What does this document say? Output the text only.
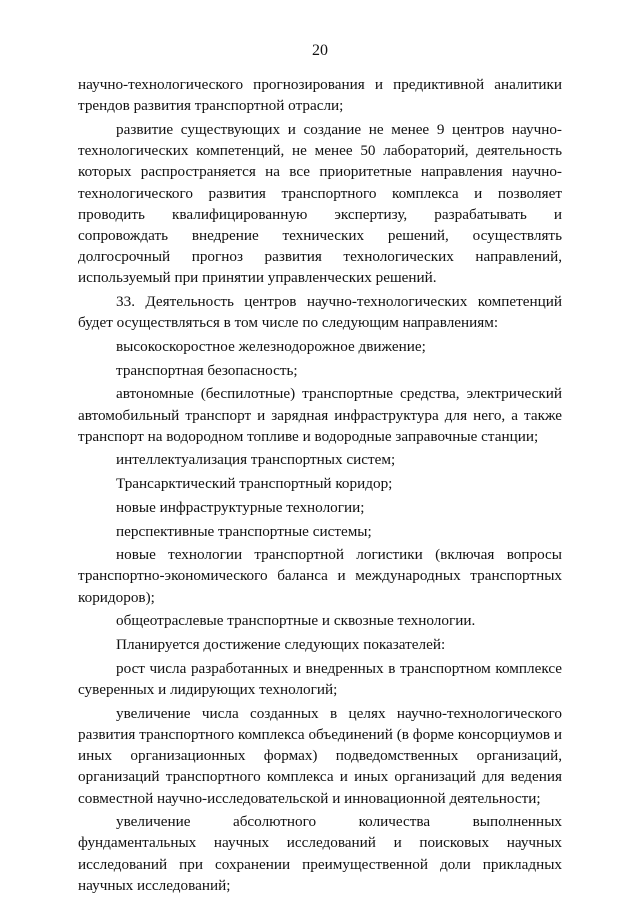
20

научно-технологического прогнозирования и предиктивной аналитики трендов развития транспортной отрасли;

развитие существующих и создание не менее 9 центров научно-технологических компетенций, не менее 50 лабораторий, деятельность которых распространяется на все приоритетные направления научно-технологического развития транспортного комплекса и позволяет проводить квалифицированную экспертизу, разрабатывать и сопровождать внедрение технических решений, осуществлять долгосрочный прогноз развития технологических направлений, используемый при принятии управленческих решений.

33. Деятельность центров научно-технологических компетенций будет осуществляться в том числе по следующим направлениям:

высокоскоростное железнодорожное движение;

транспортная безопасность;

автономные (беспилотные) транспортные средства, электрический автомобильный транспорт и зарядная инфраструктура для него, а также транспорт на водородном топливе и водородные заправочные станции;

интеллектуализация транспортных систем;

Трансарктический транспортный коридор;

новые инфраструктурные технологии;

перспективные транспортные системы;

новые технологии транспортной логистики (включая вопросы транспортно-экономического баланса и международных транспортных коридоров);

общеотраслевые транспортные и сквозные технологии.

Планируется достижение следующих показателей:

рост числа разработанных и внедренных в транспортном комплексе суверенных и лидирующих технологий;

увеличение числа созданных в целях научно-технологического развития транспортного комплекса объединений (в форме консорциумов и иных организационных формах) подведомственных организаций, организаций транспортного комплекса и иных организаций для ведения совместной научно-исследовательской и инновационной деятельности;

увеличение абсолютного количества выполненных фундаментальных научных исследований и поисковых научных исследований при сохранении преимущественной доли прикладных научных исследований;
